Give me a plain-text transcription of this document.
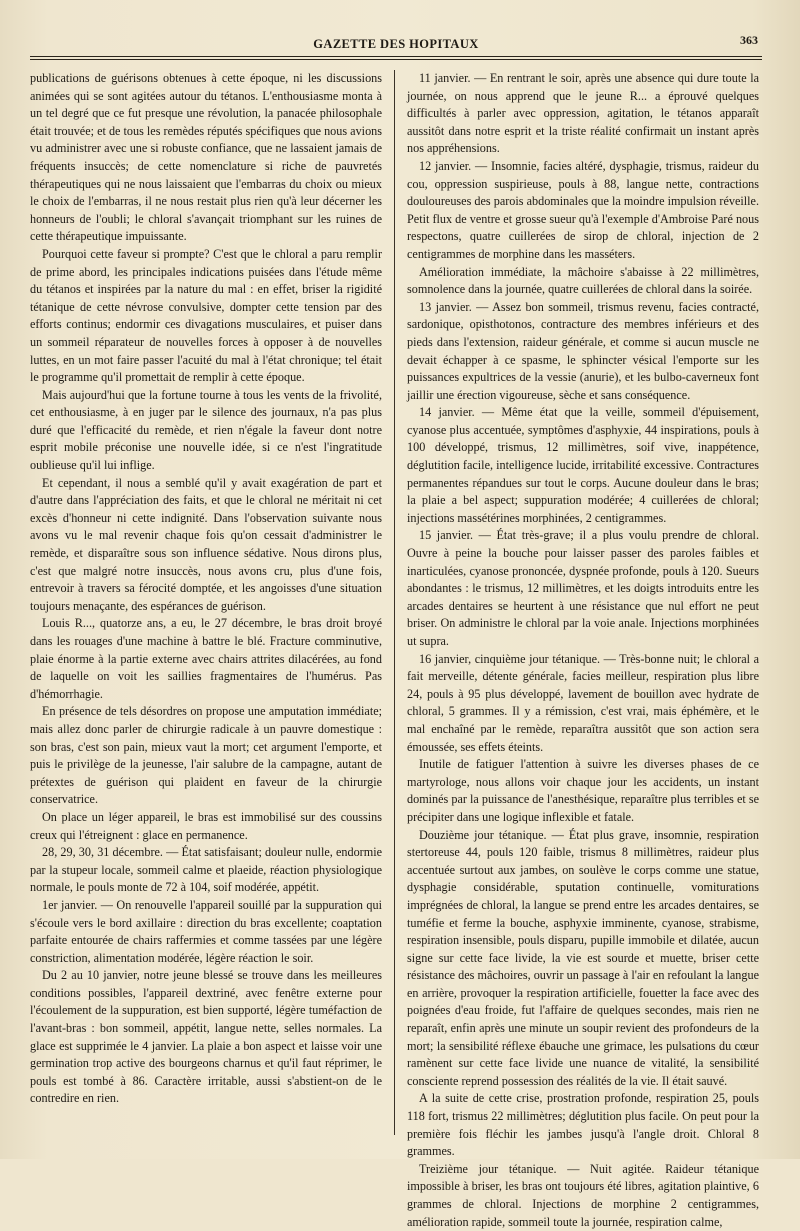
GAZETTE DES HOPITAUX	363

publications de guérisons obtenues à cette époque, ni les discussions animées qui se sont agitées autour du tétanos. L'enthousiasme monta à un tel degré que ce fut presque une révolution, la panacée philosophale était trouvée; et de tous les remèdes réputés spécifiques que nous avions vu administrer avec une si robuste confiance, que ne lassaient jamais de fréquents insuccès; de cette nomenclature si riche de pauvretés thérapeutiques qui ne nous laissaient que l'embarras du choix ou mieux le choix de l'embarras, il ne nous restait plus rien qu'à leur décerner les honneurs de l'oubli; le chloral s'avançait triomphant sur les ruines de cette thérapeutique impuissante.

Pourquoi cette faveur si prompte? C'est que le chloral a paru remplir de prime abord, les principales indications puisées dans l'étude même du tétanos et inspirées par la nature du mal : en effet, briser la rigidité tétanique de cette névrose convulsive, dompter cette tension par des efforts continus; endormir ces divagations musculaires, et puiser dans un sommeil réparateur de nouvelles forces à opposer à de nouvelles luttes, en un mot faire passer l'acuité du mal à l'état chronique; tel était le programme qu'il promettait de remplir à cette époque.

Mais aujourd'hui que la fortune tourne à tous les vents de la frivolité, cet enthousiasme, à en juger par le silence des journaux, n'a pas plus duré que l'efficacité du remède, et rien n'égale la faveur dont notre esprit mobile préconise une nouvelle idée, si ce n'est l'ingratitude oublieuse qu'il lui inflige.

Et cependant, il nous a semblé qu'il y avait exagération de part et d'autre dans l'appréciation des faits, et que le chloral ne méritait ni cet excès d'honneur ni cette indignité. Dans l'observation suivante nous avons vu le mal revenir chaque fois qu'on cessait d'administrer le remède, et disparaître sous son influence sédative. Nous dirons plus, c'est que malgré notre insuccès, nous avons cru, plus d'une fois, entrevoir à travers sa férocité domptée, et les angoisses d'une situation toujours menaçante, des espérances de guérison.

Louis R..., quatorze ans, a eu, le 27 décembre, le bras droit broyé dans les rouages d'une machine à battre le blé. Fracture comminutive, plaie énorme à la partie externe avec chairs attrites dilacérées, au fond de laquelle on voit les saillies fragmentaires de l'humérus. Pas d'hémorrhagie.

En présence de tels désordres on propose une amputation immédiate; mais allez donc parler de chirurgie radicale à un pauvre domestique : son bras, c'est son pain, mieux vaut la mort; cet argument l'emporte, et puis le privilège de la jeunesse, l'air salubre de la campagne, autant de prétextes de guérison qui plaident en faveur de la chirurgie conservatrice.

On place un léger appareil, le bras est immobilisé sur des coussins creux qui l'étreignent : glace en permanence.

28, 29, 30, 31 décembre. — État satisfaisant; douleur nulle, endormie par la stupeur locale, sommeil calme et plaeide, réaction physiologique normale, le pouls monte de 72 à 104, soif modérée, appétit.

1er janvier. — On renouvelle l'appareil souillé par la suppuration qui s'écoule vers le bord axillaire : direction du bras excellente; coaptation parfaite entourée de chairs raffermies et comme tassées par une légère constriction, alimentation modérée, légère réaction le soir.

Du 2 au 10 janvier, notre jeune blessé se trouve dans les meilleures conditions possibles, l'appareil dextriné, avec fenêtre externe pour l'écoulement de la suppuration, est bien supporté, légère tuméfaction de l'avant-bras : bon sommeil, appétit, langue nette, selles normales. La glace est supprimée le 4 janvier. La plaie a bon aspect et laisse voir une germination trop active des bourgeons charnus et qu'il faut réprimer, le pouls est tombé à 86. Caractère irritable, aussi s'abstient-on de le contredire en rien.

11 janvier. — En rentrant le soir, après une absence qui dure toute la journée, on nous apprend que le jeune R... a éprouvé quelques difficultés à parler avec oppression, agitation, le tétanos apparaît aussitôt dans notre esprit et la triste réalité confirmait un instant après nos appréhensions.

12 janvier. — Insomnie, facies altéré, dysphagie, trismus, raideur du cou, oppression suspirieuse, pouls à 88, langue nette, contractions douloureuses des parois abdominales que la moindre impulsion réveille. Petit flux de ventre et grosse sueur qu'à l'exemple d'Ambroise Paré nous respectons, quatre cuillerées de sirop de chloral, injection de 2 centigrammes de morphine dans les masséters.

Amélioration immédiate, la mâchoire s'abaisse à 22 millimètres, somnolence dans la journée, quatre cuillerées de chloral dans la soirée.

13 janvier. — Assez bon sommeil, trismus revenu, facies contracté, sardonique, opisthotonos, contracture des membres inférieurs et des pieds dans l'extension, raideur générale, et comme si aucun muscle ne devait échapper à ce spasme, le sphincter vésical l'emporte sur les puissances expultrices de la vessie (anurie), et les bulbo-caverneux font jaillir une érection vigoureuse, sèche et sans conséquence.

14 janvier. — Même état que la veille, sommeil d'épuisement, cyanose plus accentuée, symptômes d'asphyxie, 44 inspirations, pouls à 100 développé, trismus, 12 millimètres, soif vive, inappétence, déglutition facile, intelligence lucide, irritabilité excessive. Contractures permanentes répandues sur tout le corps. Aucune douleur dans le bras; la plaie a bel aspect; suppuration modérée; 4 cuillerées de chloral; injections massétérines morphinées, 2 centigrammes.

15 janvier. — État très-grave; il a plus voulu prendre de chloral. Ouvre à peine la bouche pour laisser passer des paroles faibles et inarticulées, cyanose prononcée, dyspnée profonde, pouls à 120. Sueurs abondantes : le trismus, 12 millimètres, et les doigts introduits entre les arcades dentaires se heurtent à une résistance que nul effort ne peut briser. On administre le chloral par la voie anale. Injections morphinées ut supra.

16 janvier, cinquième jour tétanique. — Très-bonne nuit; le chloral a fait merveille, détente générale, facies meilleur, respiration plus libre 24, pouls à 95 plus développé, lavement de bouillon avec hydrate de chloral, 5 grammes. Il y a rémission, c'est vrai, mais éphémère, et le mal enchaîné par le remède, reparaîtra aussitôt que son action sera émoussée, ses effets éteints.

Inutile de fatiguer l'attention à suivre les diverses phases de ce martyrologe, nous allons voir chaque jour les accidents, un instant dominés par la puissance de l'anesthésique, reparaître plus terribles et se précipiter dans une logique inflexible et fatale.

Douzième jour tétanique. — État plus grave, insomnie, respiration stertoreuse 44, pouls 120 faible, trismus 8 millimètres, raideur plus accentuée surtout aux jambes, on soulève le corps comme une statue, dysphagie considérable, sputation continuelle, vomiturations imprégnées de chloral, la langue se prend entre les arcades dentaires, se tuméfie et ferme la bouche, asphyxie imminente, cyanose, strabisme, respiration insensible, pouls disparu, pupille immobile et dilatée, aucun signe sur cette face livide, la vie est sourde et muette, briser cette résistance des mâchoires, ouvrir un passage à l'air en refoulant la langue en arrière, provoquer la respiration artificielle, fouetter la face avec des poignées d'eau froide, fut l'affaire de quelques secondes, mais rien ne reparaît, enfin après une minute un soupir revient des profondeurs de la mort; la sensibilité réflexe ébauche une grimace, les pulsations du cœur ramènent sur cette face livide une nuance de vitalité, la sensibilité consciente reprend possession des réalités de la vie. Il était sauvé.

A la suite de cette crise, prostration profonde, respiration 25, pouls 118 fort, trismus 22 millimètres; déglutition plus facile. On peut pour la première fois fléchir les jambes jusqu'à l'angle droit. Chloral 8 grammes.

Treizième jour tétanique. — Nuit agitée. Raideur tétanique impossible à briser, les bras ont toujours été libres, agitation plaintive, 6 grammes de chloral. Injections de morphine 2 centigrammes, amélioration rapide, sommeil toute la journée, respiration calme,
